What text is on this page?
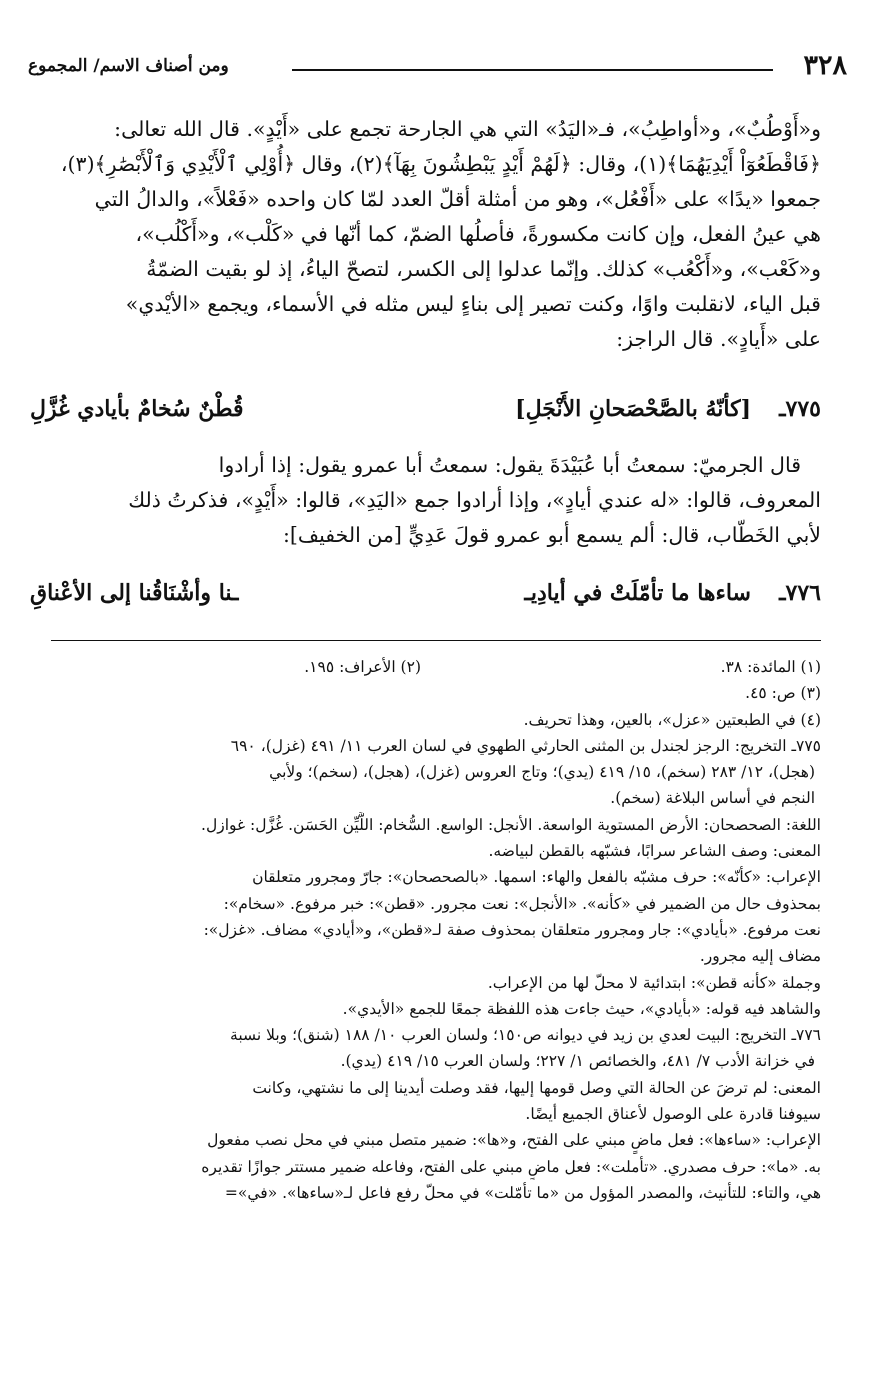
٣٢٨
ومن أصناف الاسم/ المجموع

و«أَوْطُبٌ»، و«أواطِبُ»، فـ«اليَدُ» التي هي الجارحة تجمع على «أَيْدٍ». قال الله تعالى:

﴿فَاقْطَعُوٓاْ أَيْدِيَهُمَا﴾(١)، وقال: ﴿لَهُمْ أَيْدٍ يَبْطِشُونَ بِهَآ﴾(٢)، وقال ﴿أُوْلِي ٱلْأَيْدِي وَٱلْأَبْصَٰرِ﴾(٣)،

جمعوا «يدًا» على «أَفْعُل»، وهو من أمثلة أقلّ العدد لمّا كان واحده «فَعْلاً»، والدالُ التي

هي عينُ الفعل، وإن كانت مكسورةً، فأصلُها الضمّ، كما أنّها في «كَلْب»، و«أَكْلُب»،

و«كَعْب»، و«أَكْعُب» كذلك. وإنّما عدلوا إلى الكسر، لتصحّ الياءُ، إذ لو بقيت الضمّةُ

قبل الياء، لانقلبت واوًا، وكنت تصير إلى بناءٍ ليس مثله في الأسماء، ويجمع «الأيْدي»

على «أَيادٍ». قال الراجز:

٧٧٥ـ
[كأنّهُ بالصَّحْصَحانِ الأَنْجَلِ]
قُطْنٌ سُخامٌ بأيادي غُزَّلِ

قال الجرميّ: سمعتُ أبا عُبَيْدَةَ يقول: سمعتُ أبا عمرو يقول: إذا أرادوا

المعروف، قالوا: «له عندي أيادٍ»، وإذا أرادوا جمع «اليَدِ»، قالوا: «أَيْدٍ»، فذكرتُ ذلك

لأبي الخَطّاب، قال: ألم يسمع أبو عمرو قولَ عَدِيٍّ [من الخفيف]:

٧٧٦ـ
ساءها ما تأمّلَتْ في أيادِيـ
ـنا وأشْنَاقُنا إلى الأعْناقِ
(١) المائدة: ٣٨.
(٢) الأعراف: ١٩٥.
(٣) ص: ٤٥.
(٤) في الطبعتين «عزل»، بالعين، وهذا تحريف.
٧٧٥ـ التخريج: الرجز لجندل بن المثنى الحارثي الطهوي في لسان العرب ١١/ ٤٩١ (غزل)، ٦٩٠
(هجل)، ١٢/ ٢٨٣ (سخم)، ١٥/ ٤١٩ (يدي)؛ وتاج العروس (غزل)، (هجل)، (سخم)؛ ولأبي
النجم في أساس البلاغة (سخم).
اللغة: الصحصحان: الأرض المستوية الواسعة. الأنجل: الواسع. السُّخام: اللَّيِّن الحَسَن. غُزَّل: غوازل.
المعنى: وصف الشاعر سرابًا، فشبّهه بالقطن لبياضه.
الإعراب: «كأنّه»: حرف مشبّه بالفعل والهاء: اسمها. «بالصحصحان»: جارّ ومجرور متعلقان
بمحذوف حال من الضمير في «كأنه». «الأنجل»: نعت مجرور. «قطن»: خبر مرفوع. «سخام»:
نعت مرفوع. «بأيادي»: جار ومجرور متعلقان بمحذوف صفة لـ«قطن»، و«أيادي» مضاف. «غزل»:
مضاف إليه مجرور.
وجملة «كأنه قطن»: ابتدائية لا محلّ لها من الإعراب.
والشاهد فيه قوله: «بأيادي»، حيث جاءت هذه اللفظة جمعًا للجمع «الأيدي».
٧٧٦ـ التخريج: البيت لعدي بن زيد في ديوانه ص١٥٠؛ ولسان العرب ١٠/ ١٨٨ (شنق)؛ وبلا نسبة
في خزانة الأدب ٧/ ٤٨١، والخصائص ١/ ٢٢٧؛ ولسان العرب ١٥/ ٤١٩ (يدي).
المعنى: لم ترضَ عن الحالة التي وصل قومها إليها، فقد وصلت أيدينا إلى ما نشتهي، وكانت
سيوفنا قادرة على الوصول لأعناق الجميع أيضًا.
الإعراب: «ساءها»: فعل ماضٍ مبني على الفتح، و«ها»: ضمير متصل مبني في محل نصب مفعول
به. «ما»: حرف مصدري. «تأملت»: فعل ماضٍ مبني على الفتح، وفاعله ضمير مستتر جوازًا تقديره
هي، والتاء: للتأنيث، والمصدر المؤول من «ما تأمّلت» في محلّ رفع فاعل لـ«ساءها». «في»=
